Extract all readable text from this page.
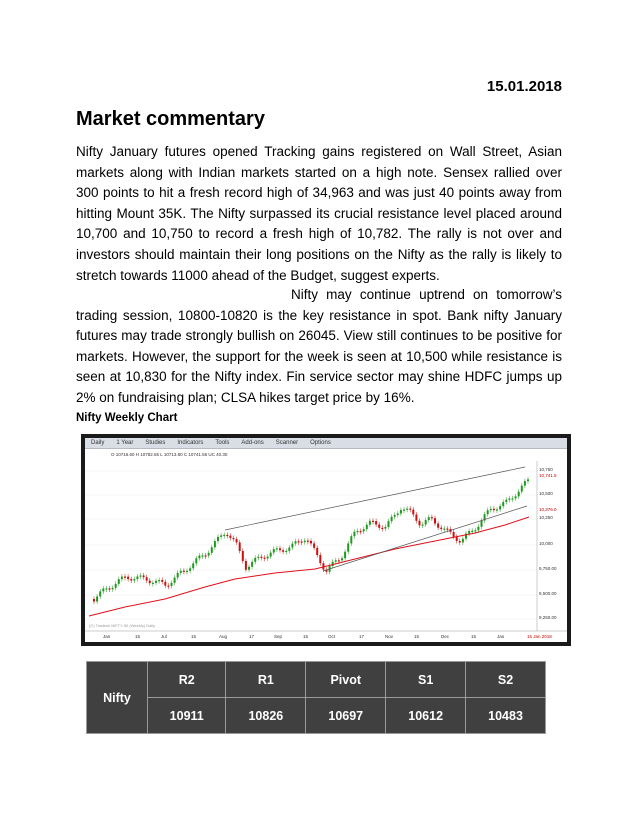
15.01.2018
Market commentary

Nifty January futures opened Tracking gains registered on Wall Street, Asian markets along with Indian markets started on a high note. Sensex rallied over 300 points to hit a fresh record high of 34,963 and was just 40 points away from hitting Mount 35K. The Nifty surpassed its crucial resistance level placed around 10,700 and 10,750 to record a fresh high of 10,782. The rally is not over and investors should maintain their long positions on the Nifty as the rally is likely to stretch towards 11000 ahead of the Budget, suggest experts.

Nifty may continue uptrend on tomorrow’s trading session, 10800-10820 is the key resistance in spot. Bank nifty January futures may trade strongly bullish on 26045. View still continues to be positive for markets. However, the support for the week is seen at 10,500 while resistance is seen at 10,830 for the Nifty index. Fin service sector may shine HDFC jumps up 2% on fundraising plan; CLSA hikes target price by 16%.

Nifty Weekly Chart
Daily	1 Year	Studies	Indicators	Tools	Add-ons	Scanner	Options
O 10716.60 H 10782.65 L 10713.80 C 10741.55 UC 40.30
10,750
10,741.5
10,500
10,376.0
10,250
10,000
9,750.00
9,500.00
9,250.00
(C) Tradeok NIFTY 50 (Weekly) Daily
Jan	15	Jul	15	Aug	17	Sep	15	Oct	17	Nov	15	Dec	15	Jan	15 Jan 2018
Nifty	R2	R1	Pivot	S1	S2
	10911	10826	10697	10612	10483
